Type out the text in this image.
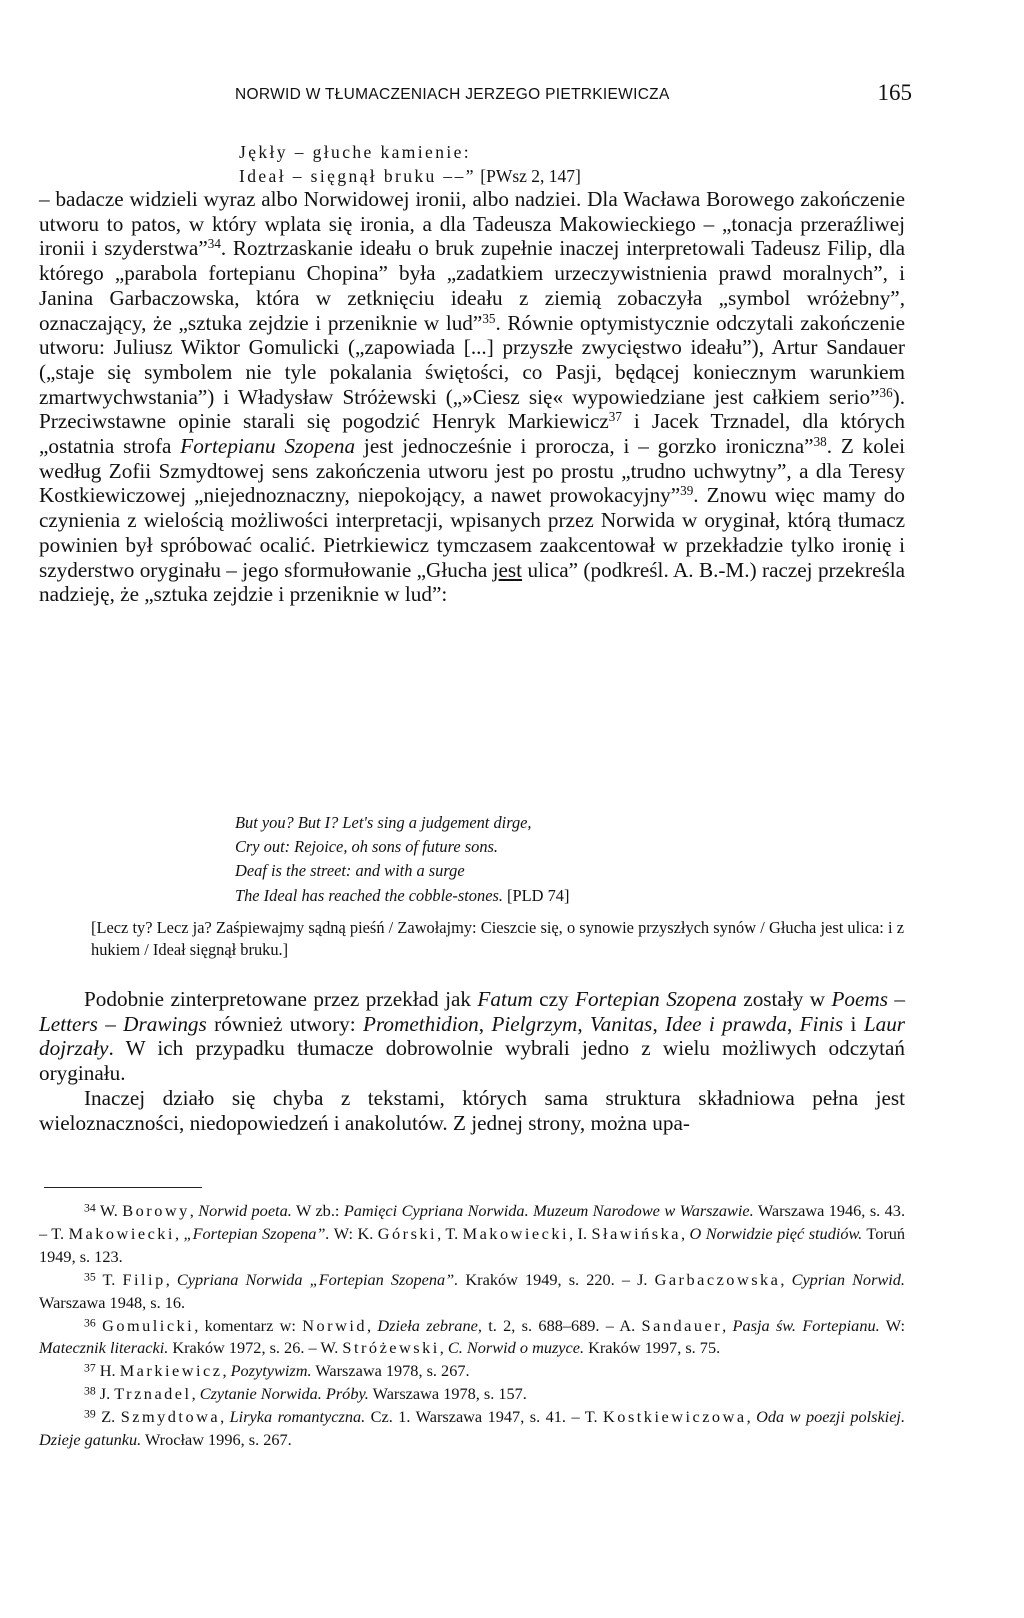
NORWID W TŁUMACZENIACH JERZEGO PIETRKIEWICZA	165
Jękły – głuche kamienie:
Ideał – sięgnął bruku ––” [PWsz 2, 147]

– badacze widzieli wyraz albo Norwidowej ironii, albo nadziei. Dla Wacława Borowego zakończenie utworu to patos, w który wplata się ironia, a dla Tadeusza Makowieckiego – „tonacja przeraźliwej ironii i szyderstwa”$^{34}$. Roztrzaskanie ideału o bruk zupełnie inaczej interpretowali Tadeusz Filip, dla którego „parabola fortepianu Chopina” była „zadatkiem urzeczywistnienia prawd moralnych”, i Janina Garbaczowska, która w zetknięciu ideału z ziemią zobaczyła „symbol wróżebny”, oznaczający, że „sztuka zejdzie i przeniknie w lud”$^{35}$. Równie optymistycznie odczytali zakończenie utworu: Juliusz Wiktor Gomulicki („zapowiada [...] przyszłe zwycięstwo ideału”), Artur Sandauer („staje się symbolem nie tyle pokalania świętości, co Pasji, będącej koniecznym warunkiem zmartwychwstania”) i Władysław Stróżewski („»Ciesz się« wypowiedziane jest całkiem serio”$^{36}$). Przeciwstawne opinie starali się pogodzić Henryk Markiewicz$^{37}$ i Jacek Trznadel, dla których „ostatnia strofa Fortepianu Szopena jest jednocześnie i prorocza, i – gorzko ironiczna”$^{38}$. Z kolei według Zofii Szmydtowej sens zakończenia utworu jest po prostu „trudno uchwytny”, a dla Teresy Kostkiewiczowej „niejednoznaczny, niepokojący, a nawet prowokacyjny”$^{39}$. Znowu więc mamy do czynienia z wielością możliwości interpretacji, wpisanych przez Norwida w oryginał, którą tłumacz powinien był spróbować ocalić. Pietrkiewicz tymczasem zaakcentował w przekładzie tylko ironię i szyderstwo oryginału – jego sformułowanie „Głucha jest ulica” (podkreśl. A. B.-M.) raczej przekreśla nadzieję, że „sztuka zejdzie i przeniknie w lud”:

But you? But I? Let's sing a judgement dirge,
Cry out: Rejoice, oh sons of future sons.
Deaf is the street: and with a surge
The Ideal has reached the cobble-stones. [PLD 74]
[Lecz ty? Lecz ja? Zaśpiewajmy sądną pieśń / Zawołajmy: Cieszcie się, o synowie przyszłych synów / Głucha jest ulica: i z hukiem / Ideał sięgnął bruku.]

Podobnie zinterpretowane przez przekład jak Fatum czy Fortepian Szopena zostały w Poems – Letters – Drawings również utwory: Promethidion, Pielgrzym, Vanitas, Idee i prawda, Finis i Laur dojrzały. W ich przypadku tłumacze dobrowolnie wybrali jedno z wielu możliwych odczytań oryginału.

Inaczej działo się chyba z tekstami, których sama struktura składniowa pełna jest wieloznaczności, niedopowiedzeń i anakolutów. Z jednej strony, można upa-

$^{34}$ W. Borowy, Norwid poeta. W zb.: Pamięci Cypriana Norwida. Muzeum Narodowe w Warszawie. Warszawa 1946, s. 43. – T. Makowiecki, „Fortepian Szopena”. W: K. Górski, T. Makowiecki, I. Sławińska, O Norwidzie pięć studiów. Toruń 1949, s. 123.

$^{35}$ T. Filip, Cypriana Norwida „Fortepian Szopena”. Kraków 1949, s. 220. – J. Garbaczowska, Cyprian Norwid. Warszawa 1948, s. 16.

$^{36}$ Gomulicki, komentarz w: Norwid, Dzieła zebrane, t. 2, s. 688–689. – A. Sandauer, Pasja św. Fortepianu. W: Matecznik literacki. Kraków 1972, s. 26. – W. Stróżewski, C. Norwid o muzyce. Kraków 1997, s. 75.

$^{37}$ H. Markiewicz, Pozytywizm. Warszawa 1978, s. 267.

$^{38}$ J. Trznadel, Czytanie Norwida. Próby. Warszawa 1978, s. 157.

$^{39}$ Z. Szmydtowa, Liryka romantyczna. Cz. 1. Warszawa 1947, s. 41. – T. Kostkiewiczowa, Oda w poezji polskiej. Dzieje gatunku. Wrocław 1996, s. 267.
